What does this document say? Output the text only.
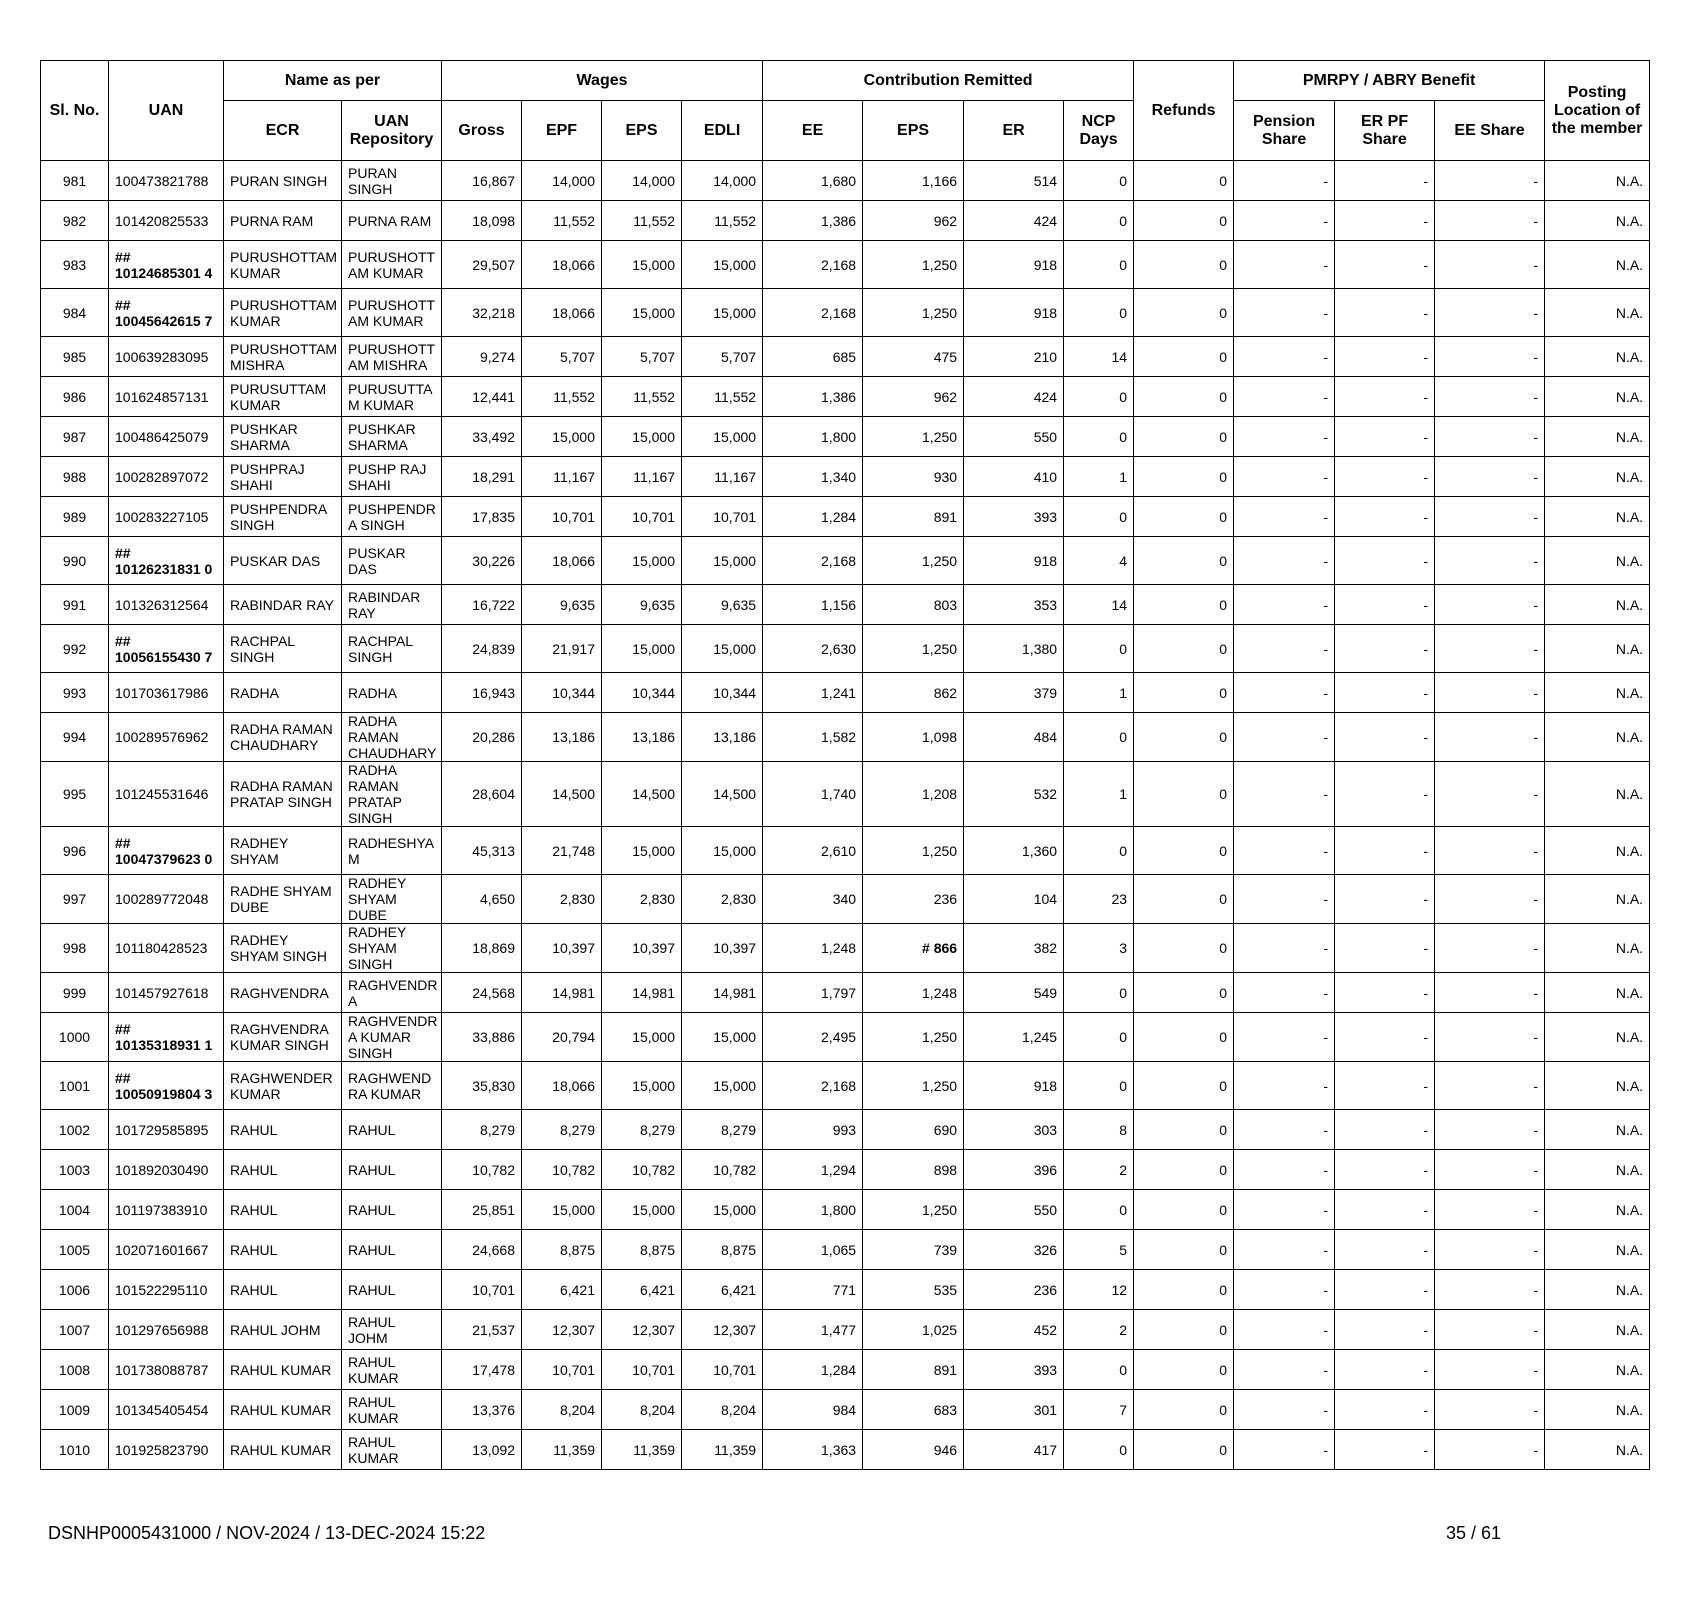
Sl. No.	UAN	Name as per		Wages				Contribution Remitted				Refunds	PMRPY / ABRY Benefit			Posting Location of the member
		ECR	UAN Repository	Gross	EPF	EPS	EDLI	EE	EPS	ER	NCP Days		Pension Share	ER PF Share	EE Share	
981	100473821788	PURAN SINGH	PURAN SINGH	16,867	14,000	14,000	14,000	1,680	1,166	514	0	0	-	-	-	N.A.
982	101420825533	PURNA RAM	PURNA RAM	18,098	11,552	11,552	11,552	1,386	962	424	0	0	-	-	-	N.A.
983	## 10124685301 4	PURUSHOTTAM KUMAR	PURUSHOTT AM KUMAR	29,507	18,066	15,000	15,000	2,168	1,250	918	0	0	-	-	-	N.A.
984	## 10045642615 7	PURUSHOTTAM KUMAR	PURUSHOTT AM KUMAR	32,218	18,066	15,000	15,000	2,168	1,250	918	0	0	-	-	-	N.A.
985	100639283095	PURUSHOTTAM MISHRA	PURUSHOTT AM MISHRA	9,274	5,707	5,707	5,707	685	475	210	14	0	-	-	-	N.A.
986	101624857131	PURUSUTTAM KUMAR	PURUSUTTA M KUMAR	12,441	11,552	11,552	11,552	1,386	962	424	0	0	-	-	-	N.A.
987	100486425079	PUSHKAR SHARMA	PUSHKAR SHARMA	33,492	15,000	15,000	15,000	1,800	1,250	550	0	0	-	-	-	N.A.
988	100282897072	PUSHPRAJ SHAHI	PUSHP RAJ SHAHI	18,291	11,167	11,167	11,167	1,340	930	410	1	0	-	-	-	N.A.
989	100283227105	PUSHPENDRA SINGH	PUSHPENDR A SINGH	17,835	10,701	10,701	10,701	1,284	891	393	0	0	-	-	-	N.A.
990	## 10126231831 0	PUSKAR DAS	PUSKAR DAS	30,226	18,066	15,000	15,000	2,168	1,250	918	4	0	-	-	-	N.A.
991	101326312564	RABINDAR RAY	RABINDAR RAY	16,722	9,635	9,635	9,635	1,156	803	353	14	0	-	-	-	N.A.
992	## 10056155430 7	RACHPAL SINGH	RACHPAL SINGH	24,839	21,917	15,000	15,000	2,630	1,250	1,380	0	0	-	-	-	N.A.
993	101703617986	RADHA	RADHA	16,943	10,344	10,344	10,344	1,241	862	379	1	0	-	-	-	N.A.
994	100289576962	RADHA RAMAN CHAUDHARY	RADHA RAMAN CHAUDHARY	20,286	13,186	13,186	13,186	1,582	1,098	484	0	0	-	-	-	N.A.
995	101245531646	RADHA RAMAN PRATAP SINGH	RADHA RAMAN PRATAP SINGH	28,604	14,500	14,500	14,500	1,740	1,208	532	1	0	-	-	-	N.A.
996	## 10047379623 0	RADHEY SHYAM	RADHESHYA M	45,313	21,748	15,000	15,000	2,610	1,250	1,360	0	0	-	-	-	N.A.
997	100289772048	RADHE SHYAM DUBE	RADHEY SHYAM DUBE	4,650	2,830	2,830	2,830	340	236	104	23	0	-	-	-	N.A.
998	101180428523	RADHEY SHYAM SINGH	RADHEY SHYAM SINGH	18,869	10,397	10,397	10,397	1,248	# 866	382	3	0	-	-	-	N.A.
999	101457927618	RAGHVENDRA	RAGHVENDR A	24,568	14,981	14,981	14,981	1,797	1,248	549	0	0	-	-	-	N.A.
1000	## 10135318931 1	RAGHVENDRA KUMAR SINGH	RAGHVENDR A KUMAR SINGH	33,886	20,794	15,000	15,000	2,495	1,250	1,245	0	0	-	-	-	N.A.
1001	## 10050919804 3	RAGHWENDER KUMAR	RAGHWEND RA KUMAR	35,830	18,066	15,000	15,000	2,168	1,250	918	0	0	-	-	-	N.A.
1002	101729585895	RAHUL	RAHUL	8,279	8,279	8,279	8,279	993	690	303	8	0	-	-	-	N.A.
1003	101892030490	RAHUL	RAHUL	10,782	10,782	10,782	10,782	1,294	898	396	2	0	-	-	-	N.A.
1004	101197383910	RAHUL	RAHUL	25,851	15,000	15,000	15,000	1,800	1,250	550	0	0	-	-	-	N.A.
1005	102071601667	RAHUL	RAHUL	24,668	8,875	8,875	8,875	1,065	739	326	5	0	-	-	-	N.A.
1006	101522295110	RAHUL	RAHUL	10,701	6,421	6,421	6,421	771	535	236	12	0	-	-	-	N.A.
1007	101297656988	RAHUL JOHM	RAHUL JOHM	21,537	12,307	12,307	12,307	1,477	1,025	452	2	0	-	-	-	N.A.
1008	101738088787	RAHUL KUMAR	RAHUL KUMAR	17,478	10,701	10,701	10,701	1,284	891	393	0	0	-	-	-	N.A.
1009	101345405454	RAHUL KUMAR	RAHUL KUMAR	13,376	8,204	8,204	8,204	984	683	301	7	0	-	-	-	N.A.
1010	101925823790	RAHUL KUMAR	RAHUL KUMAR	13,092	11,359	11,359	11,359	1,363	946	417	0	0	-	-	-	N.A.
DSNHP0005431000 / NOV-2024 / 13-DEC-2024 15:22	35 / 61
